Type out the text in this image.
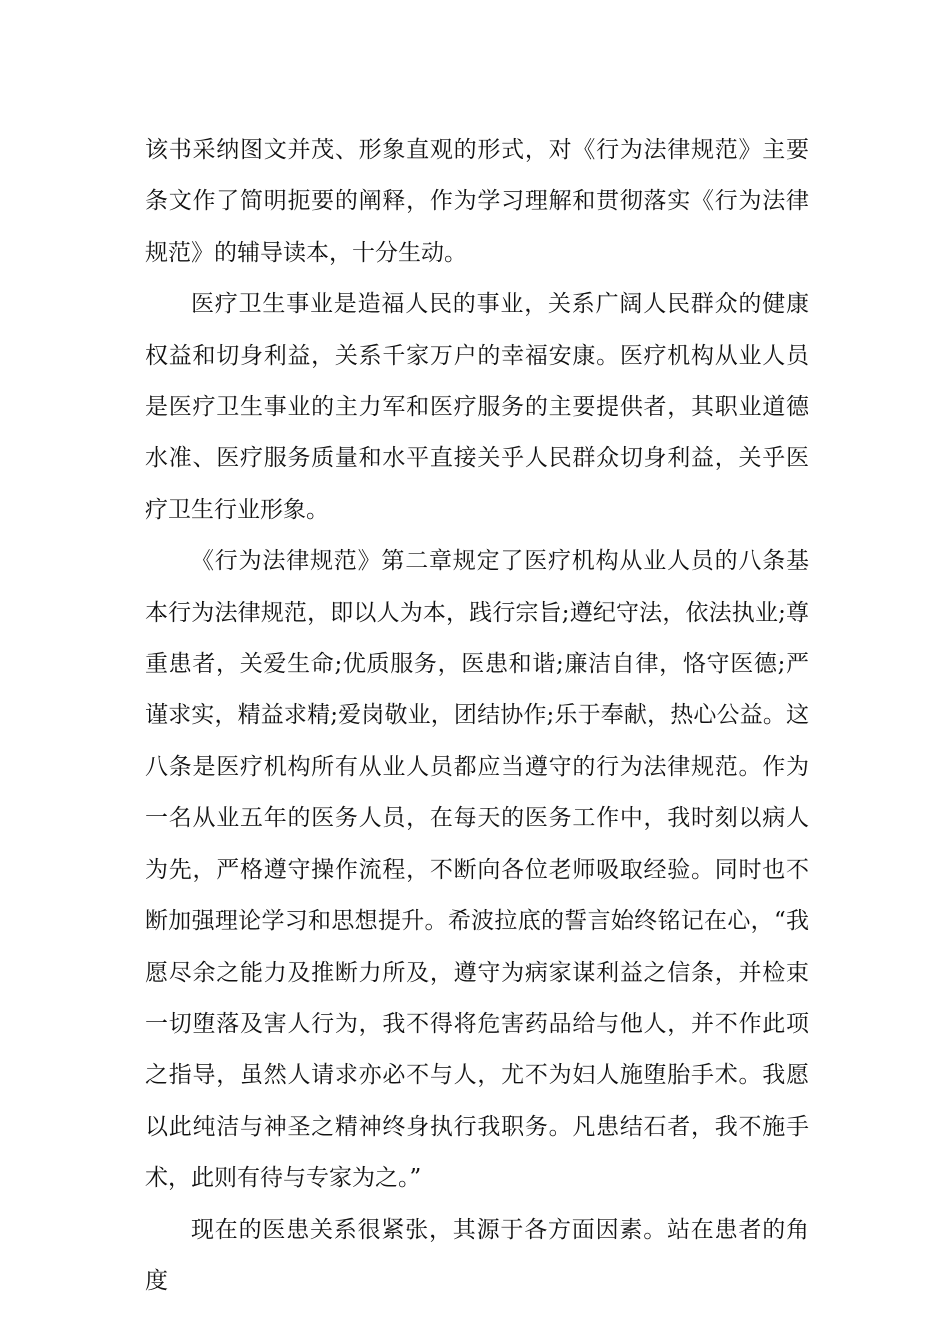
该书采纳图文并茂、形象直观的形式，对《行为法律规范》主要条文作了简明扼要的阐释，作为学习理解和贯彻落实《行为法律规范》的辅导读本，十分生动。

医疗卫生事业是造福人民的事业，关系广阔人民群众的健康权益和切身利益，关系千家万户的幸福安康。医疗机构从业人员是医疗卫生事业的主力军和医疗服务的主要提供者，其职业道德水准、医疗服务质量和水平直接关乎人民群众切身利益，关乎医疗卫生行业形象。

《行为法律规范》第二章规定了医疗机构从业人员的八条基本行为法律规范，即以人为本，践行宗旨;遵纪守法，依法执业;尊重患者，关爱生命;优质服务，医患和谐;廉洁自律，恪守医德;严谨求实，精益求精;爱岗敬业，团结协作;乐于奉献，热心公益。这八条是医疗机构所有从业人员都应当遵守的行为法律规范。作为一名从业五年的医务人员，在每天的医务工作中，我时刻以病人为先，严格遵守操作流程，不断向各位老师吸取经验。同时也不断加强理论学习和思想提升。希波拉底的誓言始终铭记在心，“我愿尽余之能力及推断力所及，遵守为病家谋利益之信条，并检束一切堕落及害人行为，我不得将危害药品给与他人，并不作此项之指导，虽然人请求亦必不与人，尤不为妇人施堕胎手术。我愿以此纯洁与神圣之精神终身执行我职务。凡患结石者，我不施手术，此则有待与专家为之。”

现在的医患关系很紧张，其源于各方面因素。站在患者的角度
